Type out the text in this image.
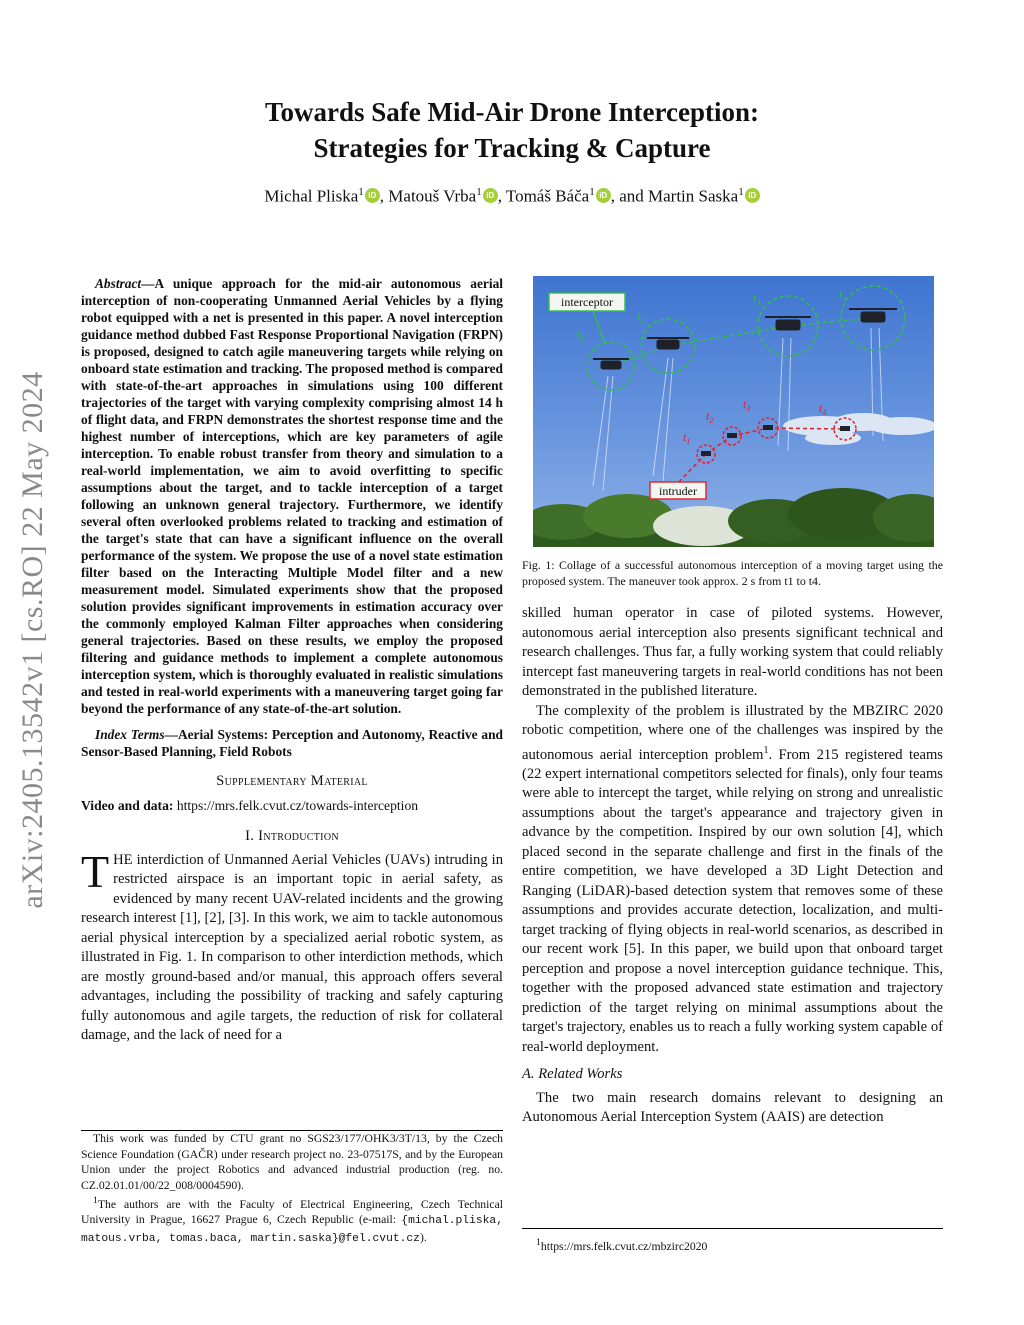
arXiv:2405.13542v1 [cs.RO] 22 May 2024
Towards Safe Mid-Air Drone Interception:
Strategies for Tracking & Capture
Michal Pliska$^1$ iD , Matouš Vrba$^1$ iD , Tomáš Báča$^1$ iD , and Martin Saska$^1$ iD

Abstract—A unique approach for the mid-air autonomous aerial interception of non-cooperating Unmanned Aerial Vehicles by a flying robot equipped with a net is presented in this paper. A novel interception guidance method dubbed Fast Response Proportional Navigation (FRPN) is proposed, designed to catch agile maneuvering targets while relying on onboard state estimation and tracking. The proposed method is compared with state-of-the-art approaches in simulations using 100 different trajectories of the target with varying complexity comprising almost 14 h of flight data, and FRPN demonstrates the shortest response time and the highest number of interceptions, which are key parameters of agile interception. To enable robust transfer from theory and simulation to a real-world implementation, we aim to avoid overfitting to specific assumptions about the target, and to tackle interception of a target following an unknown general trajectory. Furthermore, we identify several often overlooked problems related to tracking and estimation of the target's state that can have a significant influence on the overall performance of the system. We propose the use of a novel state estimation filter based on the Interacting Multiple Model filter and a new measurement model. Simulated experiments show that the proposed solution provides significant improvements in estimation accuracy over the commonly employed Kalman Filter approaches when considering general trajectories. Based on these results, we employ the proposed filtering and guidance methods to implement a complete autonomous interception system, which is thoroughly evaluated in realistic simulations and tested in real-world experiments with a maneuvering target going far beyond the performance of any state-of-the-art solution.

Index Terms—Aerial Systems: Perception and Autonomy, Reactive and Sensor-Based Planning, Field Robots

Supplementary Material

Video and data: https://mrs.felk.cvut.cz/towards-interception

I. Introduction
T HE interdiction of Unmanned Aerial Vehicles (UAVs) intruding in restricted airspace is an important topic in aerial safety, as evidenced by many recent UAV-related incidents and the growing research interest [1], [2], [3]. In this work, we aim to tackle autonomous aerial physical interception by a specialized aerial robotic system, as illustrated in Fig. 1. In comparison to other interdiction methods, which are mostly ground-based and/or manual, this approach offers several advantages, including the possibility of tracking and safely capturing fully autonomous and agile targets, the reduction of risk for collateral damage, and the lack of need for a

This work was funded by CTU grant no SGS23/177/OHK3/3T/13, by the Czech Science Foundation (GAČR) under research project no. 23-07517S, and by the European Union under the project Robotics and advanced industrial production (reg. no. CZ.02.01.01/00/22_008/0004590).

$^1$The authors are with the Faculty of Electrical Engineering, Czech Technical University in Prague, 16627 Prague 6, Czech Republic (e-mail: {michal.pliska, matous.vrba, tomas.baca, martin.saska}@fel.cvut.cz).

interceptor
intruder
$t_1$
$t_2$
$t_3$
$t_4$
$t_1$
$t_2$
$t_3$	$t_4$
Fig. 1: Collage of a successful autonomous interception of a moving target using the proposed system. The maneuver took approx. 2 s from t1 to t4.

skilled human operator in case of piloted systems. However, autonomous aerial interception also presents significant technical and research challenges. Thus far, a fully working system that could reliably intercept fast maneuvering targets in real-world conditions has not been demonstrated in the published literature.

The complexity of the problem is illustrated by the MBZIRC 2020 robotic competition, where one of the challenges was inspired by the autonomous aerial interception problem$^1$. From 215 registered teams (22 expert international competitors selected for finals), only four teams were able to intercept the target, while relying on strong and unrealistic assumptions about the target's appearance and trajectory given in advance by the competition. Inspired by our own solution [4], which placed second in the separate challenge and first in the finals of the entire competition, we have developed a 3D Light Detection and Ranging (LiDAR)-based detection system that removes some of these assumptions and provides accurate detection, localization, and multi-target tracking of flying objects in real-world scenarios, as described in our recent work [5]. In this paper, we build upon that onboard target perception and propose a novel interception guidance technique. This, together with the proposed advanced state estimation and trajectory prediction of the target relying on minimal assumptions about the target's trajectory, enables us to reach a fully working system capable of real-world deployment.

A. Related Works

The two main research domains relevant to designing an Autonomous Aerial Interception System (AAIS) are detection

$^1$https://mrs.felk.cvut.cz/mbzirc2020
